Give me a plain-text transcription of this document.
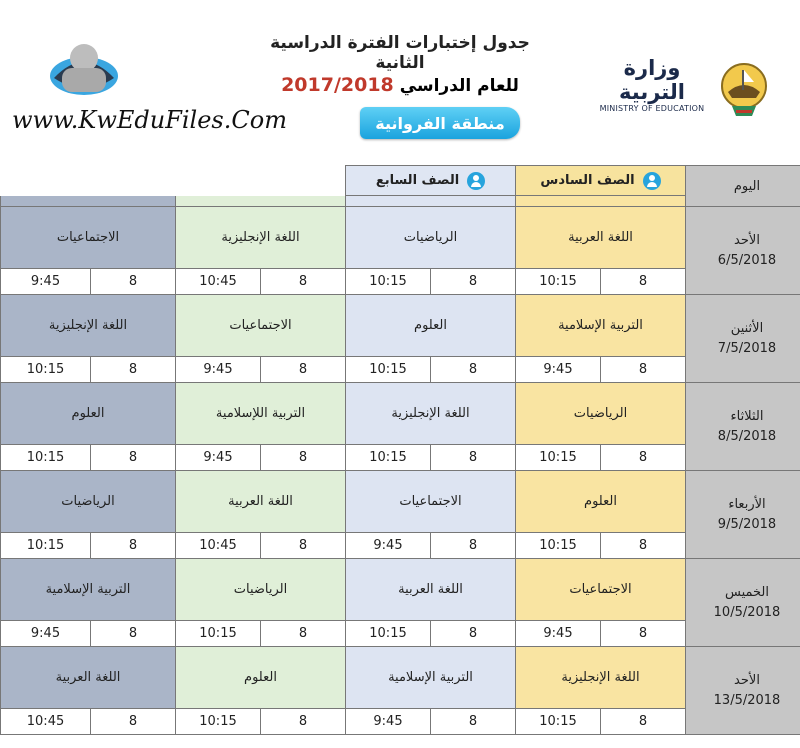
جدول إختبارات الفترة الدراسية الثانية
للعام الدراسي 2017/2018
منطقة الفروانية
www.KwEduFiles.Com
وزارة التربية
MINISTRY OF EDUCATION

				الصف السابع		الصف السادس		اليوم

الاجتماعيات		اللغة الإنجليزية		الرياضيات		اللغة العربية		الأحد
6/5/2018

9:45	8	10:45	8	10:15	8	10:15	8	
اللغة الإنجليزية		الاجتماعيات		العلوم		التربية الإسلامية		الأثنين
7/5/2018

10:15	8	9:45	8	10:15	8	9:45	8	
العلوم		التربية اللإسلامية		اللغة الإنجليزية		الرياضيات		الثلاثاء
8/5/2018

10:15	8	9:45	8	10:15	8	10:15	8	
الرياضيات		اللغة العربية		الاجتماعيات		العلوم		الأربعاء
9/5/2018

10:15	8	10:45	8	9:45	8	10:15	8	
التربية الإسلامية		الرياضيات		اللغة العربية		الاجتماعيات		الخميس
10/5/2018

9:45	8	10:15	8	10:15	8	9:45	8	
اللغة العربية		العلوم		التربية الإسلامية		اللغة الإنجليزية		الأحد
13/5/2018

10:45	8	10:15	8	9:45	8	10:15	8	
